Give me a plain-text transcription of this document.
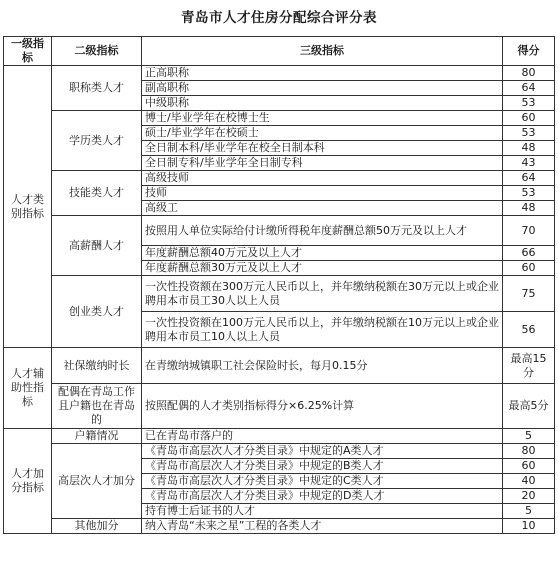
青岛市人才住房分配综合评分表
一级指标	二级指标	三级指标	得分
人才类别指标	职称类人才	正高职称	80
		副高职称	64
		中级职称	53
	学历类人才	博士/毕业学年在校博士生	60
		硕士/毕业学年在校硕士	53
		全日制本科/毕业学年在校全日制本科	48
		全日制专科/毕业学年全日制专科	43
	技能类人才	高级技师	64
		技师	53
		高级工	48
	高薪酬人才	按照用人单位实际给付计缴所得税年度薪酬总额50万元及以上人才	70
		年度薪酬总额40万元及以上人才	66
		年度薪酬总额30万元及以上人才	60
	创业类人才	一次性投资额在300万元人民币以上，并年缴纳税额在30万元以上或企业聘用本市员工30人以上人员	75
		一次性投资额在100万元人民币以上，并年缴纳税额在10万元以上或企业聘用本市员工10人以上人员	56
人才辅助性指标	社保缴纳时长	在青缴纳城镇职工社会保险时长，每月0.15分	最高15分
	配偶在青岛工作且户籍也在青岛的	按照配偶的人才类别指标得分×6.25%计算	最高5分
人才加分指标	户籍情况	已在青岛市落户的	5
	高层次人才加分	《青岛市高层次人才分类目录》中规定的A类人才	80
		《青岛市高层次人才分类目录》中规定的B类人才	60
		《青岛市高层次人才分类目录》中规定的C类人才	40
		《青岛市高层次人才分类目录》中规定的D类人才	20
		持有博士后证书的人才	5
	其他加分	纳入青岛“未来之星”工程的各类人才	10
